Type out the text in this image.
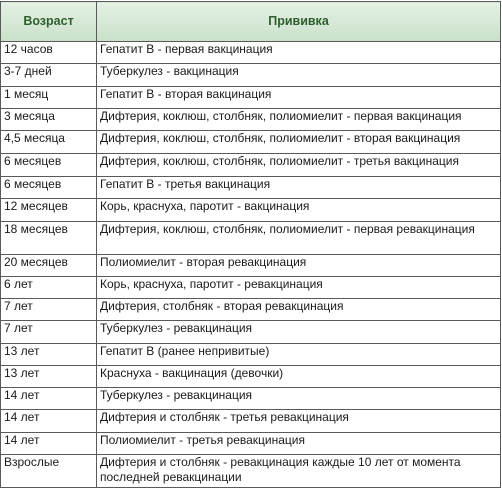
Возраст	Прививка
12 часов	Гепатит В - первая вакцинация
3-7 дней	Туберкулез - вакцинация
1 месяц	Гепатит В - вторая вакцинация
3 месяца	Дифтерия, коклюш, столбняк, полиомиелит - первая вакцинация
4,5 месяца	Дифтерия, коклюш, столбняк, полиомиелит - вторая вакцинация
6 месяцев	Дифтерия, коклюш, столбняк, полиомиелит - третья вакцинация
6 месяцев	Гепатит В - третья вакцинация
12 месяцев	Корь, краснуха, паротит - вакцинация
18 месяцев	Дифтерия, коклюш, столбняк, полиомиелит - первая ревакцинация
20 месяцев	Полиомиелит - вторая ревакцинация
6 лет	Корь, краснуха, паротит - ревакцинация
7 лет	Дифтерия, столбняк - вторая ревакцинация
7 лет	Туберкулез - ревакцинация
13 лет	Гепатит В (ранее непривитые)
13 лет	Краснуха - вакцинация (девочки)
14 лет	Туберкулез - ревакцинация
14 лет	Дифтерия и столбняк - третья ревакцинация
14 лет	Полиомиелит - третья ревакцинация
Взрослые	Дифтерия и столбняк - ревакцинация каждые 10 лет от момента последней ревакцинации
